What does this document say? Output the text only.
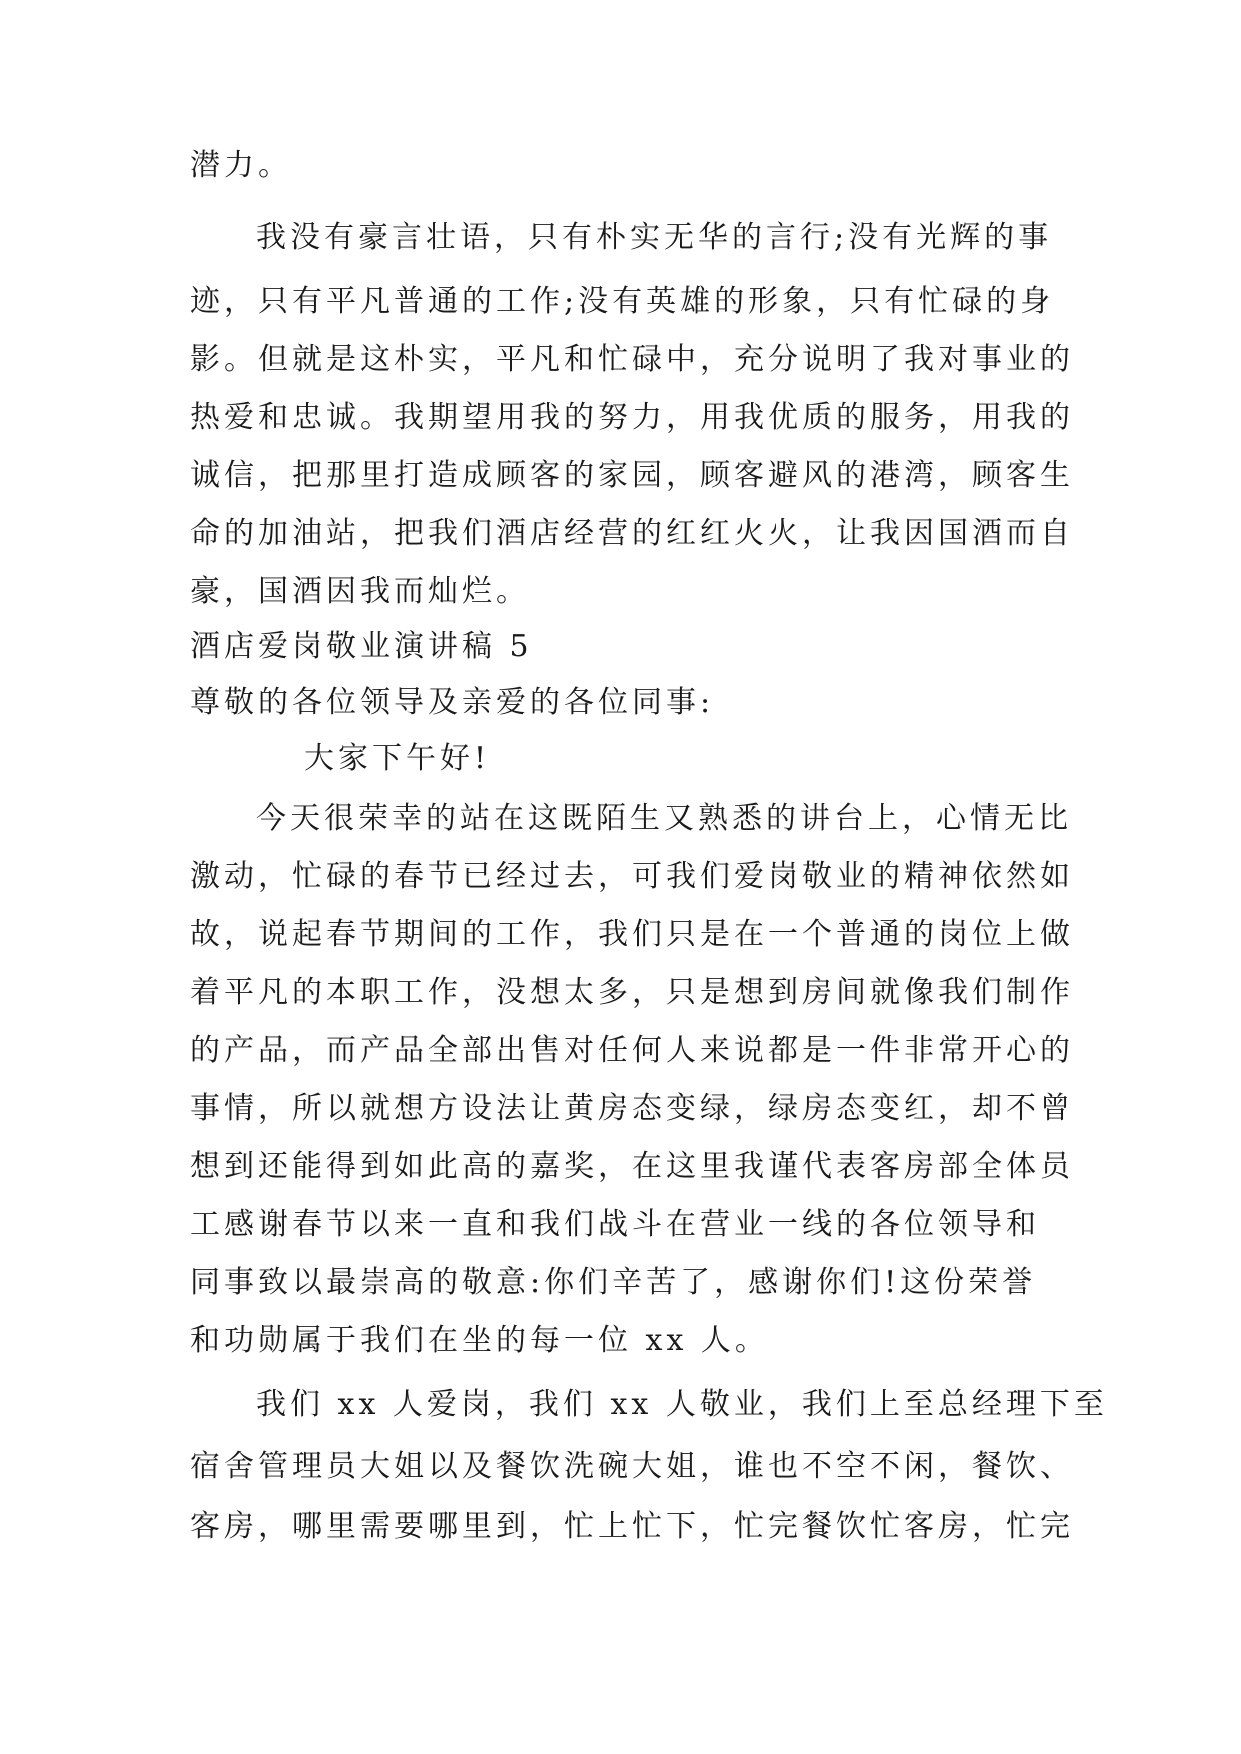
潜力。
我没有豪言壮语，只有朴实无华的言行;没有光辉的事
迹，只有平凡普通的工作;没有英雄的形象，只有忙碌的身
影。但就是这朴实，平凡和忙碌中，充分说明了我对事业的
热爱和忠诚。我期望用我的努力，用我优质的服务，用我的
诚信，把那里打造成顾客的家园，顾客避风的港湾，顾客生
命的加油站，把我们酒店经营的红红火火，让我因国酒而自
豪，国酒因我而灿烂。
酒店爱岗敬业演讲稿 5
尊敬的各位领导及亲爱的各位同事:
大家下午好!
今天很荣幸的站在这既陌生又熟悉的讲台上，心情无比
激动，忙碌的春节已经过去，可我们爱岗敬业的精神依然如
故，说起春节期间的工作，我们只是在一个普通的岗位上做
着平凡的本职工作，没想太多，只是想到房间就像我们制作
的产品，而产品全部出售对任何人来说都是一件非常开心的
事情，所以就想方设法让黄房态变绿，绿房态变红，却不曾
想到还能得到如此高的嘉奖，在这里我谨代表客房部全体员
工感谢春节以来一直和我们战斗在营业一线的各位领导和
同事致以最崇高的敬意:你们辛苦了，感谢你们!这份荣誉
和功勋属于我们在坐的每一位 xx 人。
我们 xx 人爱岗，我们 xx 人敬业，我们上至总经理下至
宿舍管理员大姐以及餐饮洗碗大姐，谁也不空不闲，餐饮、
客房，哪里需要哪里到，忙上忙下，忙完餐饮忙客房，忙完
